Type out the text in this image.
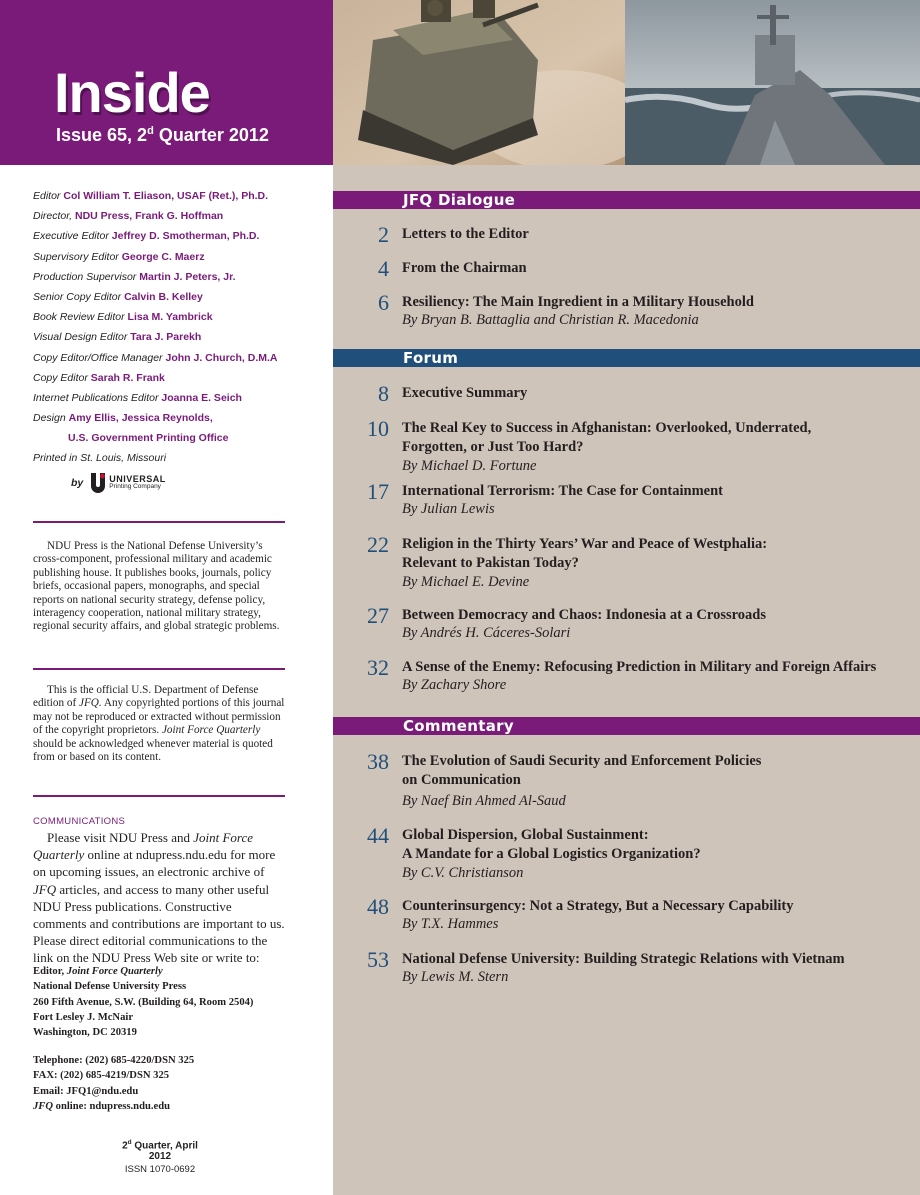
Inside
Issue 65, 2$^d$ Quarter 2012
Editor Col William T. Eliason, USAF (Ret.), Ph.D.
Director, NDU Press, Frank G. Hoffman
Executive Editor Jeffrey D. Smotherman, Ph.D.
Supervisory Editor George C. Maerz
Production Supervisor Martin J. Peters, Jr.
Senior Copy Editor Calvin B. Kelley
Book Review Editor Lisa M. Yambrick
Visual Design Editor Tara J. Parekh
Copy Editor/Office Manager John J. Church, D.M.A
Copy Editor Sarah R. Frank
Internet Publications Editor Joanna E. Seich
Design Amy Ellis, Jessica Reynolds,
U.S. Government Printing Office
Printed in St. Louis, Missouri
by	UNIVERSAL
Printing Company

NDU Press is the National Defense University’s cross-component, professional military and academic publishing house. It publishes books, journals, policy briefs, occasional papers, monographs, and special reports on national security strategy, defense policy, interagency cooperation, national military strategy, regional security affairs, and global strategic problems.

This is the official U.S. Department of Defense edition of JFQ. Any copyrighted portions of this journal may not be reproduced or extracted without permission of the copyright proprietors. Joint Force Quarterly should be acknowledged whenever material is quoted from or based on its content.

COMMUNICATIONS

Please visit NDU Press and Joint Force Quarterly online at ndupress.ndu.edu for more on upcoming issues, an electronic archive of JFQ articles, and access to many other useful NDU Press publications. Constructive comments and contributions are important to us. Please direct editorial communications to the link on the NDU Press Web site or write to:

Editor, Joint Force Quarterly
National Defense University Press
260 Fifth Avenue, S.W. (Building 64, Room 2504)
Fort Lesley J. McNair
Washington, DC 20319
Telephone: (202) 685-4220/DSN 325
FAX: (202) 685-4219/DSN 325
Email: JFQ1@ndu.edu
JFQ online: ndupress.ndu.edu
2$^d$ Quarter, April 2012
ISSN 1070-0692
JFQ Dialogue
Forum
Commentary
2 Letters to the Editor
4 From the Chairman
6 Resiliency: The Main Ingredient in a Military Household
By Bryan B. Battaglia and Christian R. Macedonia
8 Executive Summary
10 The Real Key to Success in Afghanistan: Overlooked, Underrated,
Forgotten, or Just Too Hard?
By Michael D. Fortune
17 International Terrorism: The Case for Containment
By Julian Lewis
22 Religion in the Thirty Years’ War and Peace of Westphalia:
Relevant to Pakistan Today?
By Michael E. Devine
27 Between Democracy and Chaos: Indonesia at a Crossroads
By Andrés H. Cáceres-Solari
32 A Sense of the Enemy: Refocusing Prediction in Military and Foreign Affairs
By Zachary Shore
38 The Evolution of Saudi Security and Enforcement Policies
on Communication
By Naef Bin Ahmed Al-Saud
44 Global Dispersion, Global Sustainment:
A Mandate for a Global Logistics Organization?
By C.V. Christianson
48 Counterinsurgency: Not a Strategy, But a Necessary Capability
By T.X. Hammes
53 National Defense University: Building Strategic Relations with Vietnam
By Lewis M. Stern
